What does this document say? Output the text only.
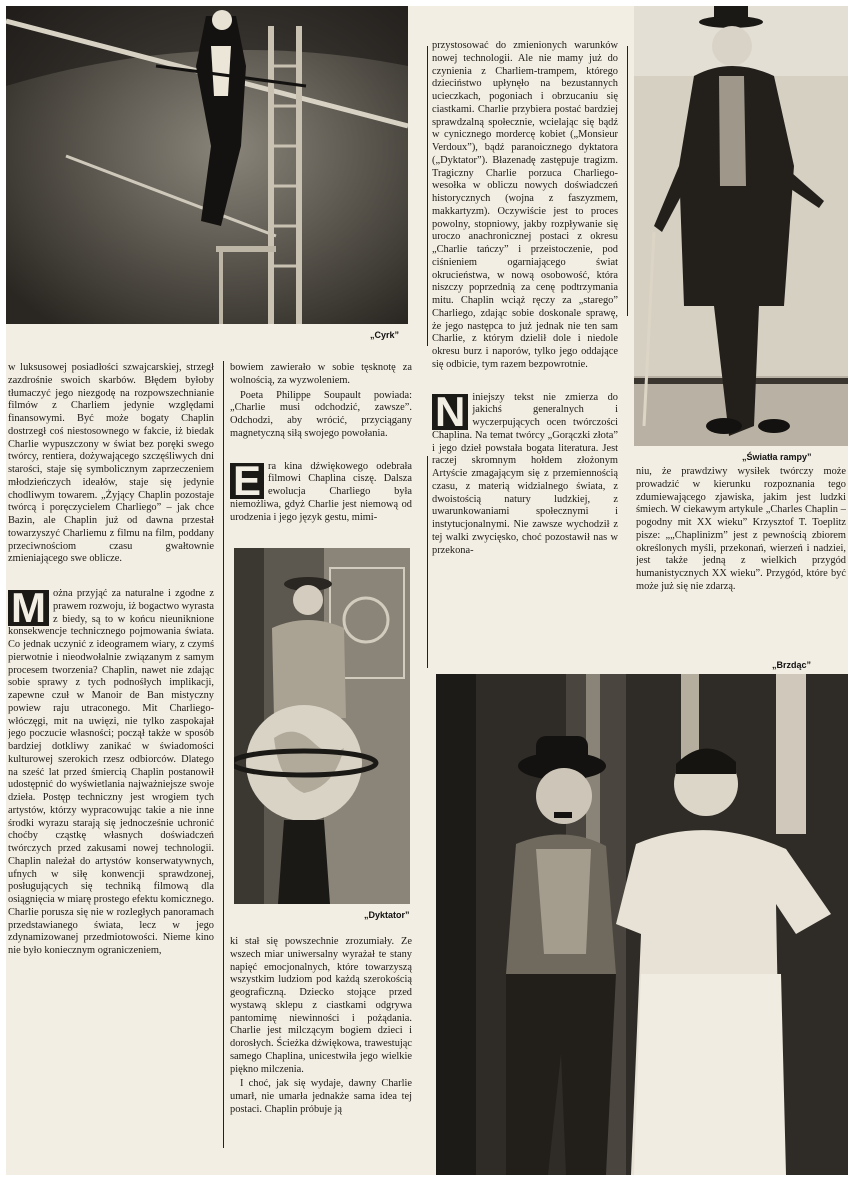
„Cyrk”
„Światła rampy”
„Dyktator”
„Brzdąc”

w luksusowej posiadłości szwajcarskiej, strzegł zazdrośnie swoich skarbów. Błędem byłoby tłumaczyć jego niezgodę na rozpowszechnianie filmów z Charliem jedynie względami finansowymi. Być może bogaty Chaplin dostrzegł coś niestosownego w fakcie, iż biedak Charlie wypuszczony w świat bez poręki swego twórcy, rentiera, dożywającego szczęśliwych dni starości, staje się symbolicznym zaprzeczeniem młodzieńczych ideałów, staje się jedynie chodliwym towarem. „Żyjący Chaplin pozostaje twórcą i poręczycielem Charliego” – jak chce Bazin, ale Chaplin już od dawna przestał towarzyszyć Charliemu z filmu na film, poddany przeciwnościom czasu gwałtownie zmieniającego swe oblicze.

M ożna przyjąć za naturalne i zgodne z prawem rozwoju, iż bogactwo wyrasta z biedy, są to w końcu nieuniknione konsekwencje technicznego pojmowania świata. Co jednak uczynić z ideogramem wiary, z czymś pierwotnie i nieodwołalnie związanym z samym procesem tworzenia? Chaplin, nawet nie zdając sobie sprawy z tych podnośłych implikacji, zapewne czuł w Manoir de Ban mistyczny powiew raju utraconego. Mit Charliego-włóczęgi, mit na uwięzi, nie tylko zaspokajał jego poczucie własności; począł także w sposób bardziej dotkliwy zanikać w świadomości kulturowej szerokich rzesz odbiorców. Dlatego na sześć lat przed śmiercią Chaplin postanowił udostępnić do wyświetlania najważniejsze swoje dzieła. Postęp techniczny jest wrogiem tych artystów, którzy wypracowując takie a nie inne środki wyrazu starają się jednocześnie uchronić choćby cząstkę własnych doświadczeń twórczych przed zakusami nowej technologii. Chaplin należał do artystów konserwatywnych, ufnych w siłę konwencji sprawdzonej, posługujących się techniką filmową dla osiągnięcia w miarę prostego efektu komicznego. Charlie porusza się nie w rozległych panoramach przedstawianego świata, lecz w jego zdynamizowanej przedmiotowości. Nieme kino nie było koniecznym ograniczeniem,

bowiem zawierało w sobie tęsknotę za wolnością, za wyzwoleniem.

Poeta Philippe Soupault powiada: „Charlie musi odchodzić, zawsze”. Odchodzi, aby wrócić, przyciągany magnetyczną siłą swojego powołania.

E ra kina dźwiękowego odebrała filmowi Chaplina ciszę. Dalsza ewolucja Charliego była niemożliwa, gdyż Charlie jest niemową od urodzenia i jego język gestu, mimi-

ki stał się powszechnie zrozumiały. Ze wszech miar uniwersalny wyrażał te stany napięć emocjonalnych, które towarzyszą wszystkim ludziom pod każdą szerokością geograficzną. Dziecko stojące przed wystawą sklepu z ciastkami odgrywa pantomimę niewinności i pożądania. Charlie jest milczącym bogiem dzieci i dorosłych. Ścieżka dźwiękowa, trawestując samego Chaplina, unicestwiła jego wielkie piękno milczenia.

I choć, jak się wydaje, dawny Charlie umarł, nie umarła jednakże sama idea tej postaci. Chaplin próbuje ją

przystosować do zmienionych warunków nowej technologii. Ale nie mamy już do czynienia z Charliem-trampem, którego dzieciństwo upłynęło na bezustannych ucieczkach, pogoniach i obrzucaniu się ciastkami. Charlie przybiera postać bardziej sprawdzalną społecznie, wcielając się bądź w cynicznego mordercę kobiet („Monsieur Verdoux”), bądź paranoicznego dyktatora („Dyktator”). Błazenadę zastępuje tragizm. Tragiczny Charlie porzuca Charliego-wesołka w obliczu nowych doświadczeń historycznych (wojna z faszyzmem, makkartyzm). Oczywiście jest to proces powolny, stopniowy, jakby rozpływanie się uroczo anachronicznej postaci z okresu „Charlie tańczy” i przeistoczenie, pod ciśnieniem ogarniającego świat okrucieństwa, w nową osobowość, która niszczy poprzednią za cenę podtrzymania mitu. Chaplin wciąż ręczy za „starego” Charliego, zdając sobie doskonale sprawę, że jego następca to już jednak nie ten sam Charlie, z którym dzielił dole i niedole okresu burz i naporów, tylko jego oddające się odbicie, tym razem bezpowrotnie.

N iniejszy tekst nie zmierza do jakichś generalnych i wyczerpujących ocen twórczości Chaplina. Na temat twórcy „Gorączki złota” i jego dzieł powstała bogata literatura. Jest raczej skromnym hołdem złożonym Artyście zmagającym się z przemiennością czasu, z materią widzialnego świata, z dwoistością natury ludzkiej, z uwarunkowaniami społecznymi i instytucjonalnymi. Nie zawsze wychodził z tej walki zwycięsko, choć pozostawił nas w przekona-

niu, że prawdziwy wysiłek twórczy może prowadzić w kierunku rozpoznania tego zdumiewającego zjawiska, jakim jest ludzki śmiech. W ciekawym artykule „Charles Chaplin – pogodny mit XX wieku” Krzysztof T. Toeplitz pisze: „„Chaplinizm” jest z pewnością zbiorem określonych myśli, przekonań, wierzeń i nadziei, jest także jedną z wielkich przygód humanistycznych XX wieku”. Przygód, które być może już się nie zdarzą.
